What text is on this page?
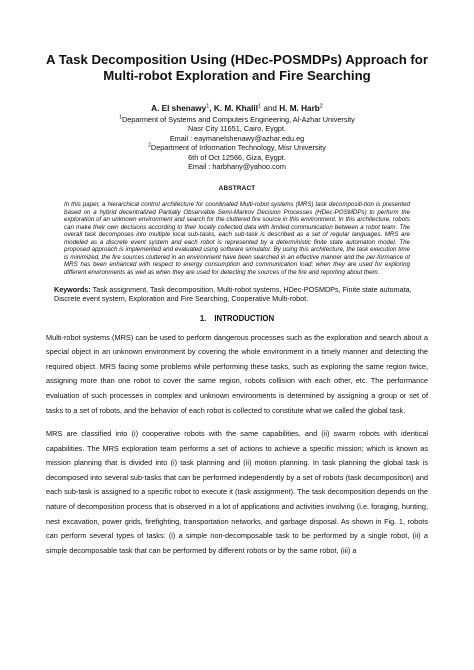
A Task Decomposition Using (HDec-POSMDPs) Approach for Multi-robot Exploration and Fire Searching
A. El shenawy$^1$, K. M. Khalil$^1$ and H. M. Harb$^2$
$^1$Deparment of Systems and Computers Engineering, Al-Azhar University
Nasr City 11651, Cairo, Eygpt.
Email : eaymanelshenawy@azhar.edu.eg
$^2$Department of Information Technology, Misr University
6th of Oct 12566, Giza, Eygpt.
Email : harbhany@yahoo.com
ABSTRACT

In this paper, a hierarchical control architecture for coordinated Multi-robot systems (MRS) task decompositi-tion is presented based on a hybrid decentralized Partially Observable Semi-Markov Decision Processes (HDec-POSMDPs) to perform the exploration of an unknown environment and search for the cluttered fire source in this environment. In this architecture, robots can make their own decisions according to their locally collected data with limited communication between a robot team. The overall task decomposes into multiple local sub-tasks, each sub-task is described as a set of regular languages. MRS are modeled as a discrete event system and each robot is represented by a deterministic finite state automaton model. The proposed approach is implemented and evaluated using software simulator. By using this architecture, the task execution time is minimized, the fire sources cluttered in an environment have been searched in an effective manner and the per-formance of MRS has been enhanced with respect to energy consumption and communication load; when they are used for exploring different environments as well as when they are used for detecting the sources of the fire and reporting about them.

Keywords: Task assignment, Task decomposition, Multi-robot systems, HDec-POSMDPs, Finite state automata, Discrete event system, Exploration and Fire Searching, Cooperative Multi-robot.
1. INTRODUCTION

Multi-robot systems (MRS) can be used to perform dangerous processes such as the exploration and search about a special object in an unknown environment by covering the whole environment in a timely manner and detecting the required object. MRS facing some problems while performing these tasks, such as exploring the same region twice, assigning more than one robot to cover the same region, robots collision with each other, etc. The performance evaluation of such processes in complex and unknown environments is determined by assigning a group or set of tasks to a set of robots, and the behavior of each robot is collected to constitute what we called the global task.

MRS are classified into (i) cooperative robots with the same capabilities, and (ii) swarm robots with identical capabilities. The MRS exploration team performs a set of actions to achieve a specific mission; which is known as mission planning that is divided into (i) task planning and (ii) motion planning. In task planning the global task is decomposed into several sub-tasks that can be performed independently by a set of robots (task decomposition) and each sub-task is assigned to a specific robot to execute it (task assignment). The task decomposition depends on the nature of decomposition process that is observed in a lot of applications and activities involving (i.e. foraging, hunting, nest excavation, power grids, firefighting, transportation networks, and garbage disposal. As shown in Fig. 1, robots can perform several types of tasks: (i) a simple non-decomposable task to be performed by a single robot, (ii) a simple decomposable task that can be performed by different robots or by the same robot, (iii) a
